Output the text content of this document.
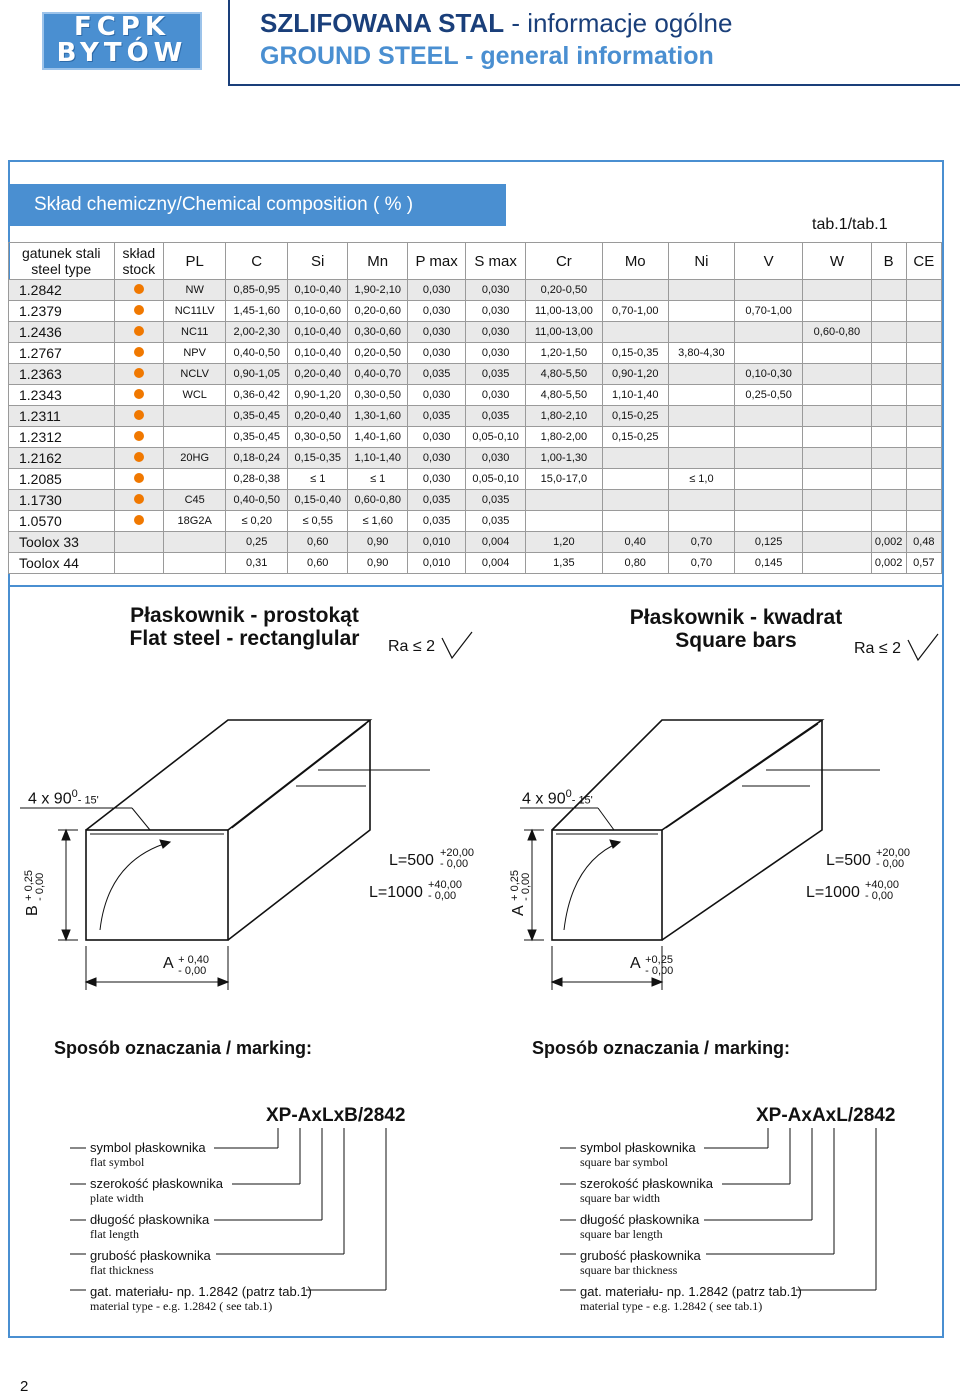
FCPK
BYTÓW
SZLIFOWANA STAL - informacje ogólne
GROUND STEEL - general information
Skład chemiczny/Chemical composition ( % )
tab.1/tab.1
gatunek stali
steel type	skład
stock	PL	C	Si	Mn	P max	S max	Cr	Mo	Ni	V	W	B	CE
1.2842		NW	0,85-0,95	0,10-0,40	1,90-2,10	0,030	0,030	0,20-0,50						
1.2379		NC11LV	1,45-1,60	0,10-0,60	0,20-0,60	0,030	0,030	11,00-13,00	0,70-1,00		0,70-1,00			
1.2436		NC11	2,00-2,30	0,10-0,40	0,30-0,60	0,030	0,030	11,00-13,00				0,60-0,80		
1.2767		NPV	0,40-0,50	0,10-0,40	0,20-0,50	0,030	0,030	1,20-1,50	0,15-0,35	3,80-4,30				
1.2363		NCLV	0,90-1,05	0,20-0,40	0,40-0,70	0,035	0,035	4,80-5,50	0,90-1,20		0,10-0,30			
1.2343		WCL	0,36-0,42	0,90-1,20	0,30-0,50	0,030	0,030	4,80-5,50	1,10-1,40		0,25-0,50			
1.2311			0,35-0,45	0,20-0,40	1,30-1,60	0,035	0,035	1,80-2,10	0,15-0,25					
1.2312			0,35-0,45	0,30-0,50	1,40-1,60	0,030	0,05-0,10	1,80-2,00	0,15-0,25					
1.2162		20HG	0,18-0,24	0,15-0,35	1,10-1,40	0,030	0,030	1,00-1,30						
1.2085			0,28-0,38	≤ 1	≤ 1	0,030	0,05-0,10	15,0-17,0		≤ 1,0				
1.1730		C45	0,40-0,50	0,15-0,40	0,60-0,80	0,035	0,035							
1.0570		18G2A	≤ 0,20	≤ 0,55	≤ 1,60	0,035	0,035							
Toolox 33			0,25	0,60	0,90	0,010	0,004	1,20	0,40	0,70	0,125		0,002	0,48
Toolox 44			0,31	0,60	0,90	0,010	0,004	1,35	0,80	0,70	0,145		0,002	0,57
Płaskownik - prostokąt
Flat steel - rectanglular	Ra ≤ 2
Płaskownik - kwadrat
Square bars	Ra ≤ 2
4 x $90^0-$ 15'
L=500 +20,00
- 0,00
L=1000 +40,00
- 0,00
B + 0,25
- 0,00
A + 0,40
- 0,00
4 x $90^0-$ 15'
L=500 +20,00
- 0,00
L=1000 +40,00
- 0,00
A + 0,25
- 0,00
A +0,25
- 0,00
Sposób oznaczania / marking:	Sposób oznaczania / marking:
XP-AxLxB/2842	XP-AxAxL/2842
symbol płaskownika
flat symbol
szerokość płaskownika
plate width
długość płaskownika
flat length
grubość płaskownika
flat thickness
gat. materiału- np. 1.2842 (patrz tab.1)
material type - e.g. 1.2842 ( see tab.1)
symbol płaskownika
square bar symbol
szerokość płaskownika
square bar width
długość płaskownika
square bar length
grubość płaskownika
square bar thickness
gat. materiału- np. 1.2842 (patrz tab.1)
material type - e.g. 1.2842 ( see tab.1)
2
